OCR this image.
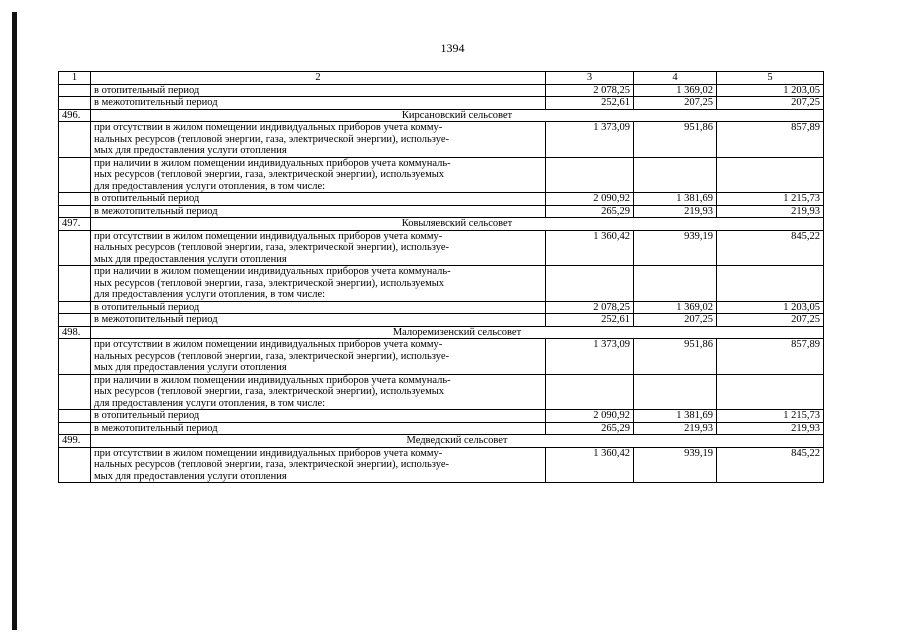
1394
1	2	3	4	5
	в отопительный период	2 078,25	1 369,02	1 203,05
	в межотопительный период	252,61	207,25	207,25
496.	Кирсановский сельсовет			

	при отсутствии в жилом помещении индивидуальных приборов учета комму-
нальных ресурсов (тепловой энергии, газа, электрической энергии), используе-
мых для предоставления услуги отопления	1 373,09	951,86	857,89

	при наличии в жилом помещении индивидуальных приборов учета коммуналь-
ных ресурсов (тепловой энергии, газа, электрической энергии), используемых
для предоставления услуги отопления, в том числе:			

	в отопительный период	2 090,92	1 381,69	1 215,73
	в межотопительный период	265,29	219,93	219,93
497.	Ковыляевский сельсовет			

	при отсутствии в жилом помещении индивидуальных приборов учета комму-
нальных ресурсов (тепловой энергии, газа, электрической энергии), используе-
мых для предоставления услуги отопления	1 360,42	939,19	845,22

	при наличии в жилом помещении индивидуальных приборов учета коммуналь-
ных ресурсов (тепловой энергии, газа, электрической энергии), используемых
для предоставления услуги отопления, в том числе:			

	в отопительный период	2 078,25	1 369,02	1 203,05
	в межотопительный период	252,61	207,25	207,25
498.	Малоремизенский сельсовет			

	при отсутствии в жилом помещении индивидуальных приборов учета комму-
нальных ресурсов (тепловой энергии, газа, электрической энергии), используе-
мых для предоставления услуги отопления	1 373,09	951,86	857,89

	при наличии в жилом помещении индивидуальных приборов учета коммуналь-
ных ресурсов (тепловой энергии, газа, электрической энергии), используемых
для предоставления услуги отопления, в том числе:			

	в отопительный период	2 090,92	1 381,69	1 215,73
	в межотопительный период	265,29	219,93	219,93
499.	Медведский сельсовет			

	при отсутствии в жилом помещении индивидуальных приборов учета комму-
нальных ресурсов (тепловой энергии, газа, электрической энергии), используе-
мых для предоставления услуги отопления	1 360,42	939,19	845,22
